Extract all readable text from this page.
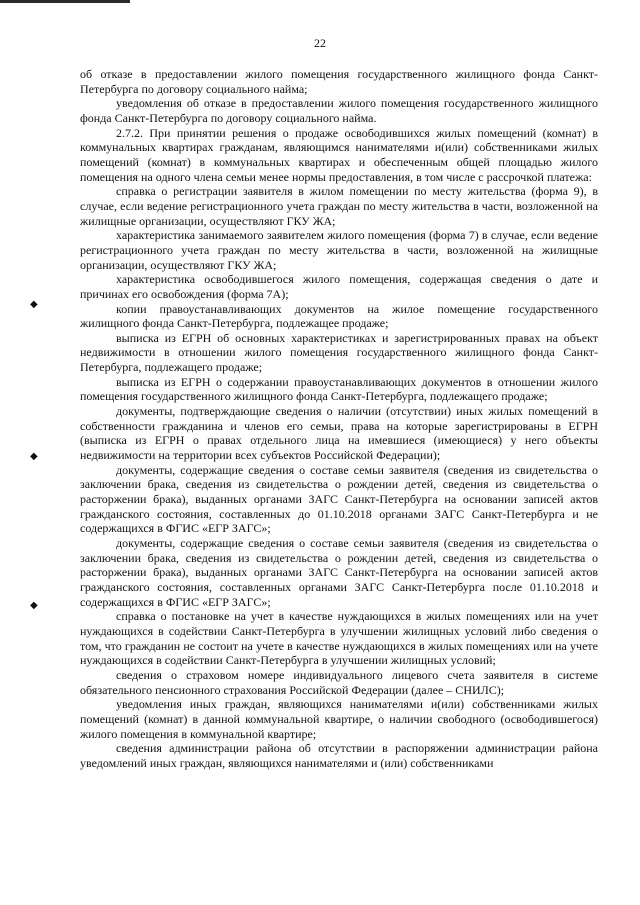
22
◆
◆
◆

об отказе в предоставлении жилого помещения государственного жилищного фонда Санкт-Петербурга по договору социального найма;

уведомления об отказе в предоставлении жилого помещения государственного жилищного фонда Санкт-Петербурга по договору социального найма.

2.7.2. При принятии решения о продаже освободившихся жилых помещений (комнат) в коммунальных квартирах гражданам, являющимся нанимателями и(или) собственниками жилых помещений (комнат) в коммунальных квартирах и обеспеченным общей площадью жилого помещения на одного члена семьи менее нормы предоставления, в том числе с рассрочкой платежа:

справка о регистрации заявителя в жилом помещении по месту жительства (форма 9), в случае, если ведение регистрационного учета граждан по месту жительства в части, возложенной на жилищные организации, осуществляют ГКУ ЖА;

характеристика занимаемого заявителем жилого помещения (форма 7) в случае, если ведение регистрационного учета граждан по месту жительства в части, возложенной на жилищные организации, осуществляют ГКУ ЖА;

характеристика освободившегося жилого помещения, содержащая сведения о дате и причинах его освобождения (форма 7А);

копии правоустанавливающих документов на жилое помещение государственного жилищного фонда Санкт-Петербурга, подлежащее продаже;

выписка из ЕГРН об основных характеристиках и зарегистрированных правах на объект недвижимости в отношении жилого помещения государственного жилищного фонда Санкт-Петербурга, подлежащего продаже;

выписка из ЕГРН о содержании правоустанавливающих документов в отношении жилого помещения государственного жилищного фонда Санкт-Петербурга, подлежащего продаже;

документы, подтверждающие сведения о наличии (отсутствии) иных жилых помещений в собственности гражданина и членов его семьи, права на которые зарегистрированы в ЕГРН (выписка из ЕГРН о правах отдельного лица на имевшиеся (имеющиеся) у него объекты недвижимости на территории всех субъектов Российской Федерации);

документы, содержащие сведения о составе семьи заявителя (сведения из свидетельства о заключении брака, сведения из свидетельства о рождении детей, сведения из свидетельства о расторжении брака), выданных органами ЗАГС Санкт-Петербурга на основании записей актов гражданского состояния, составленных до 01.10.2018 органами ЗАГС Санкт-Петербурга и не содержащихся в ФГИС «ЕГР ЗАГС»;

документы, содержащие сведения о составе семьи заявителя (сведения из свидетельства о заключении брака, сведения из свидетельства о рождении детей, сведения из свидетельства о расторжении брака), выданных органами ЗАГС Санкт-Петербурга на основании записей актов гражданского состояния, составленных органами ЗАГС Санкт-Петербурга после 01.10.2018 и содержащихся в ФГИС «ЕГР ЗАГС»;

справка о постановке на учет в качестве нуждающихся в жилых помещениях или на учет нуждающихся в содействии Санкт-Петербурга в улучшении жилищных условий либо сведения о том, что гражданин не состоит на учете в качестве нуждающихся в жилых помещениях или на учете нуждающихся в содействии Санкт-Петербурга в улучшении жилищных условий;

сведения о страховом номере индивидуального лицевого счета заявителя в системе обязательного пенсионного страхования Российской Федерации (далее – СНИЛС);

уведомления иных граждан, являющихся нанимателями и(или) собственниками жилых помещений (комнат) в данной коммунальной квартире, о наличии свободного (освободившегося) жилого помещения в коммунальной квартире;

сведения администрации района об отсутствии в распоряжении администрации района уведомлений иных граждан, являющихся нанимателями и (или) собственниками
